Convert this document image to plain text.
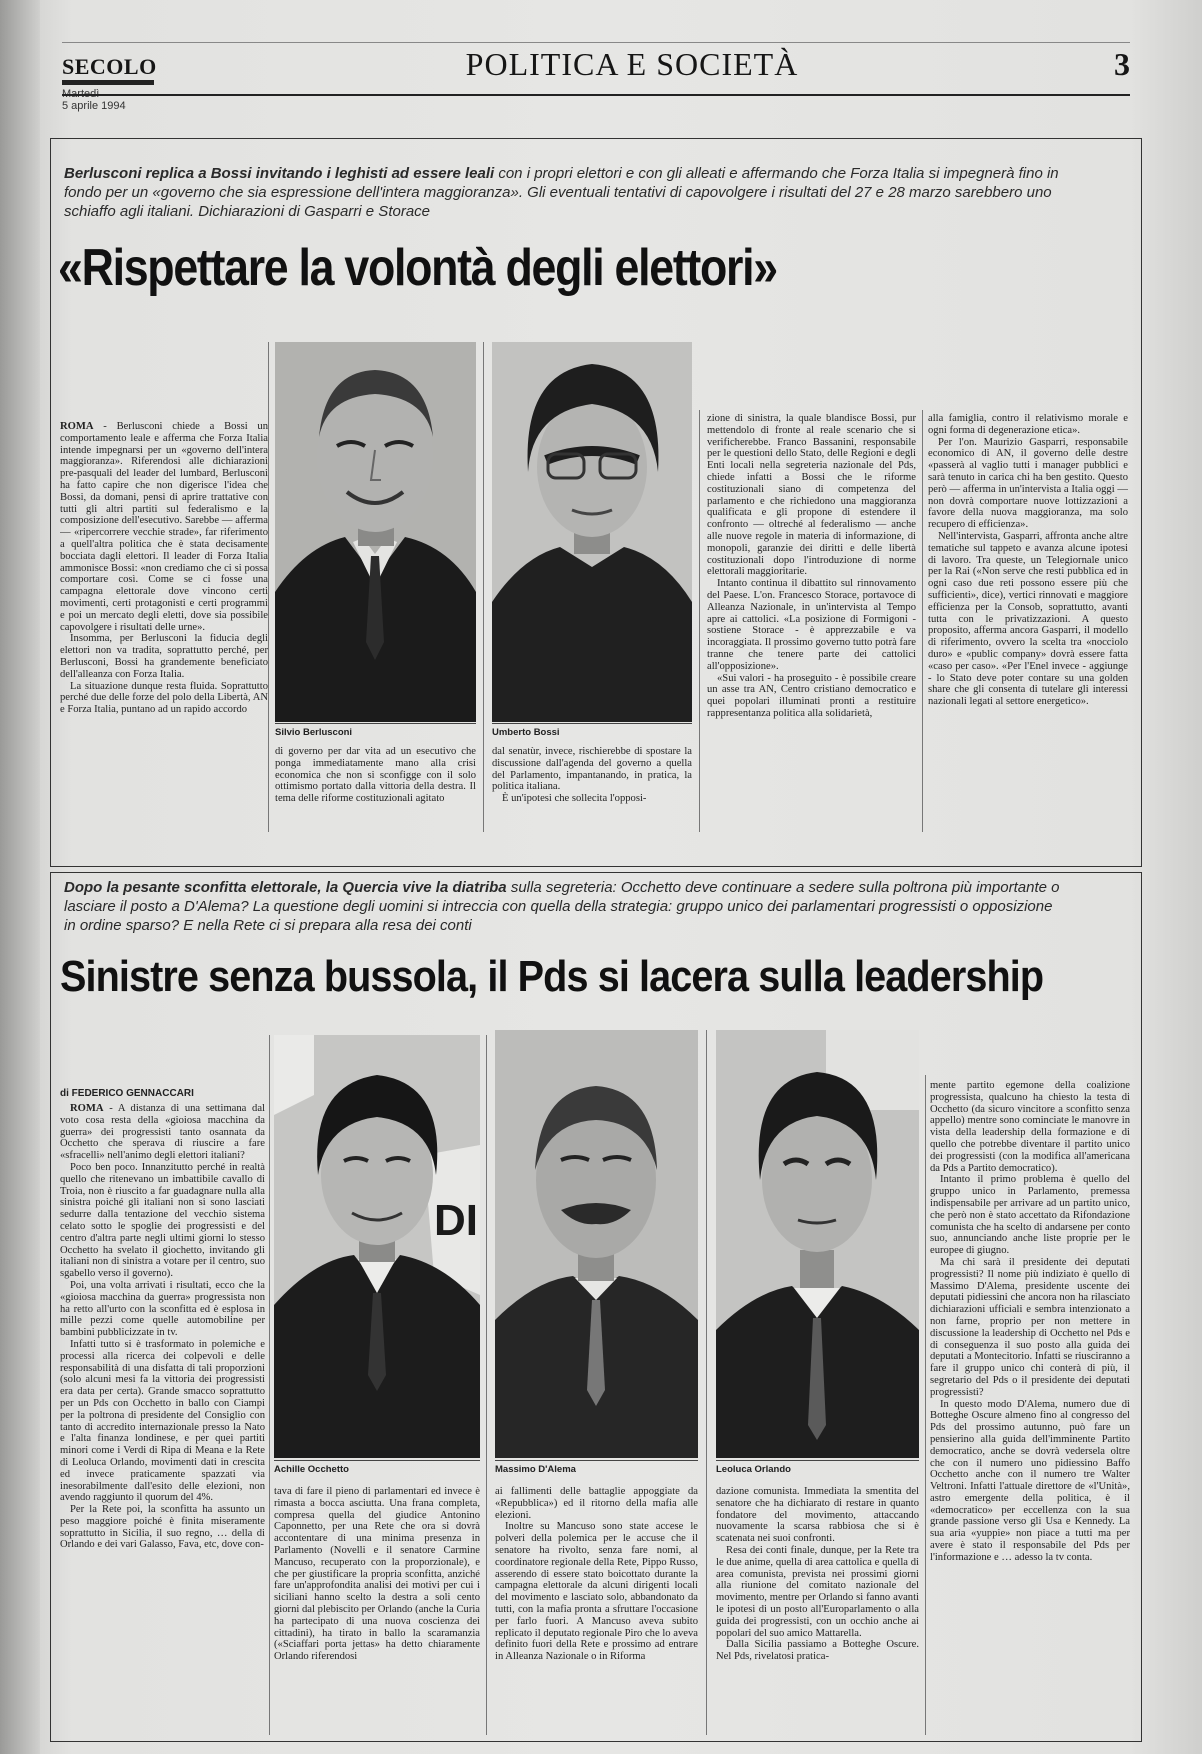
SECOLO
Martedì
5 aprile 1994
POLITICA E SOCIETÀ	3
Berlusconi replica a Bossi invitando i leghisti ad essere leali con i propri elettori e con gli alleati e affermando che Forza Italia si impegnerà fino in fondo per un «governo che sia espressione dell'intera maggioranza». Gli eventuali tentativi di capovolgere i risultati del 27 e 28 marzo sarebbero uno schiaffo agli italiani. Dichiarazioni di Gasparri e Storace
«Rispettare la volontà degli elettori»

ROMA - Berlusconi chiede a Bossi un comportamento leale e afferma che Forza Italia intende impegnarsi per un «governo dell'intera maggioranza». Riferendosi alle dichiarazioni pre-pasquali del leader del lumbard, Berlusconi ha fatto capire che non digerisce l'idea che Bossi, da domani, pensi di aprire trattative con tutti gli altri partiti sul federalismo e la composizione dell'esecutivo. Sarebbe — afferma — «ripercorrere vecchie strade», far riferimento a quell'altra politica che è stata decisamente bocciata dagli elettori. Il leader di Forza Italia ammonisce Bossi: «non crediamo che ci si possa comportare così. Come se ci fosse una campagna elettorale dove vincono certi movimenti, certi protagonisti e certi programmi e poi un mercato degli eletti, dove sia possibile capovolgere i risultati delle urne».

Insomma, per Berlusconi la fiducia degli elettori non va tradita, soprattutto perché, per Berlusconi, Bossi ha grandemente beneficiato dell'alleanza con Forza Italia.

La situazione dunque resta fluida. Soprattutto perché due delle forze del polo della Libertà, AN e Forza Italia, puntano ad un rapido accordo

Silvio Berlusconi

di governo per dar vita ad un esecutivo che ponga immediatamente mano alla crisi economica che non si sconfigge con il solo ottimismo portato dalla vittoria della destra. Il tema delle riforme costituzionali agitato

Umberto Bossi

dal senatùr, invece, rischierebbe di spostare la discussione dall'agenda del governo a quella del Parlamento, impantanando, in pratica, la politica italiana.

È un'ipotesi che sollecita l'opposi-

zione di sinistra, la quale blandisce Bossi, pur mettendolo di fronte al reale scenario che si verificherebbe. Franco Bassanini, responsabile per le questioni dello Stato, delle Regioni e degli Enti locali nella segreteria nazionale del Pds, chiede infatti a Bossi che le riforme costituzionali siano di competenza del parlamento e che richiedono una maggioranza qualificata e gli propone di estendere il confronto — oltreché al federalismo — anche alle nuove regole in materia di informazione, di monopoli, garanzie dei diritti e delle libertà costituzionali dopo l'introduzione di norme elettorali maggioritarie.

Intanto continua il dibattito sul rinnovamento del Paese. L'on. Francesco Storace, portavoce di Alleanza Nazionale, in un'intervista al Tempo apre ai cattolici. «La posizione di Formigoni - sostiene Storace - è apprezzabile e va incoraggiata. Il prossimo governo tutto potrà fare tranne che tenere parte dei cattolici all'opposizione».

«Sui valori - ha proseguito - è possibile creare un asse tra AN, Centro cristiano democratico e quei popolari illuminati pronti a restituire rappresentanza politica alla solidarietà,

alla famiglia, contro il relativismo morale e ogni forma di degenerazione etica».

Per l'on. Maurizio Gasparri, responsabile economico di AN, il governo delle destre «passerà al vaglio tutti i manager pubblici e sarà tenuto in carica chi ha ben gestito. Questo però — afferma in un'intervista a Italia oggi — non dovrà comportare nuove lottizzazioni a favore della nuova maggioranza, ma solo recupero di efficienza».

Nell'intervista, Gasparri, affronta anche altre tematiche sul tappeto e avanza alcune ipotesi di lavoro. Tra queste, un Telegiornale unico per la Rai («Non serve che resti pubblica ed in ogni caso due reti possono essere più che sufficienti», dice), vertici rinnovati e maggiore efficienza per la Consob, soprattutto, avanti tutta con le privatizzazioni. A questo proposito, afferma ancora Gasparri, il modello di riferimento, ovvero la scelta tra «nocciolo duro» e «public company» dovrà essere fatta «caso per caso». «Per l'Enel invece - aggiunge - lo Stato deve poter contare su una golden share che gli consenta di tutelare gli interessi nazionali legati al settore energetico».

Dopo la pesante sconfitta elettorale, la Quercia vive la diatriba sulla segreteria: Occhetto deve continuare a sedere sulla poltrona più importante o lasciare il posto a D'Alema? La questione degli uomini si intreccia con quella della strategia: gruppo unico dei parlamentari progressisti o opposizione in ordine sparso? E nella Rete ci si prepara alla resa dei conti
Sinistre senza bussola, il Pds si lacera sulla leadership
di FEDERICO GENNACCARI

ROMA - A distanza di una settimana dal voto cosa resta della «gioiosa macchina da guerra» dei progressisti tanto osannata da Occhetto che sperava di riuscire a fare «sfracelli» nell'animo degli elettori italiani?

Poco ben poco. Innanzitutto perché in realtà quello che ritenevano un imbattibile cavallo di Troia, non è riuscito a far guadagnare nulla alla sinistra poiché gli italiani non si sono lasciati sedurre dalla tentazione del vecchio sistema celato sotto le spoglie dei progressisti e del centro d'altra parte negli ultimi giorni lo stesso Occhetto ha svelato il giochetto, invitando gli italiani non di sinistra a votare per il centro, suo sgabello verso il governo).

Poi, una volta arrivati i risultati, ecco che la «gioiosa macchina da guerra» progressista non ha retto all'urto con la sconfitta ed è esplosa in mille pezzi come quelle automobiline per bambini pubblicizzate in tv.

Infatti tutto si è trasformato in polemiche e processi alla ricerca dei colpevoli e delle responsabilità di una disfatta di tali proporzioni (solo alcuni mesi fa la vittoria dei progressisti era data per certa). Grande smacco soprattutto per un Pds con Occhetto in ballo con Ciampi per la poltrona di presidente del Consiglio con tanto di accredito internazionale presso la Nato e l'alta finanza londinese, e per quei partiti minori come i Verdi di Ripa di Meana e la Rete di Leoluca Orlando, movimenti dati in crescita ed invece praticamente spazzati via inesorabilmente dall'esito delle elezioni, non avendo raggiunto il quorum del 4%.

Per la Rete poi, la sconfitta ha assunto un peso maggiore poiché è finita miseramente soprattutto in Sicilia, il suo regno, … della di Orlando e dei vari Galasso, Fava, etc, dove con-

DI
Achille Occhetto

tava di fare il pieno di parlamentari ed invece è rimasta a bocca asciutta. Una frana completa, compresa quella del giudice Antonino Caponnetto, per una Rete che ora si dovrà accontentare di una minima presenza in Parlamento (Novelli e il senatore Carmine Mancuso, recuperato con la proporzionale), e che per giustificare la propria sconfitta, anziché fare un'approfondita analisi dei motivi per cui i siciliani hanno scelto la destra a soli cento giorni dal plebiscito per Orlando (anche la Curia ha partecipato di una nuova coscienza dei cittadini), ha tirato in ballo la scaramanzia («Sciaffari porta jettas» ha detto chiaramente Orlando riferendosi

Massimo D'Alema

ai fallimenti delle battaglie appoggiate da «Repubblica») ed il ritorno della mafia alle elezioni.

Inoltre su Mancuso sono state accese le polveri della polemica per le accuse che il senatore ha rivolto, senza fare nomi, al coordinatore regionale della Rete, Pippo Russo, asserendo di essere stato boicottato durante la campagna elettorale da alcuni dirigenti locali del movimento e lasciato solo, abbandonato da tutti, con la mafia pronta a sfruttare l'occasione per farlo fuori. A Mancuso aveva subito replicato il deputato regionale Piro che lo aveva definito fuori della Rete e prossimo ad entrare in Alleanza Nazionale o in Riforma

Leoluca Orlando

dazione comunista. Immediata la smentita del senatore che ha dichiarato di restare in quanto fondatore del movimento, attaccando nuovamente la scarsa rabbiosa che si è scatenata nei suoi confronti.

Resa dei conti finale, dunque, per la Rete tra le due anime, quella di area cattolica e quella di area comunista, prevista nei prossimi giorni alla riunione del comitato nazionale del movimento, mentre per Orlando si fanno avanti le ipotesi di un posto all'Europarlamento o alla guida dei progressisti, con un occhio anche ai popolari del suo amico Mattarella.

Dalla Sicilia passiamo a Botteghe Oscure. Nel Pds, rivelatosi pratica-

mente partito egemone della coalizione progressista, qualcuno ha chiesto la testa di Occhetto (da sicuro vincitore a sconfitto senza appello) mentre sono cominciate le manovre in vista della leadership della formazione e di quello che potrebbe diventare il partito unico dei progressisti (con la modifica all'americana da Pds a Partito democratico).

Intanto il primo problema è quello del gruppo unico in Parlamento, premessa indispensabile per arrivare ad un partito unico, che però non è stato accettato da Rifondazione comunista che ha scelto di andarsene per conto suo, annunciando anche liste proprie per le europee di giugno.

Ma chi sarà il presidente dei deputati progressisti? Il nome più indiziato è quello di Massimo D'Alema, presidente uscente dei deputati pidiessini che ancora non ha rilasciato dichiarazioni ufficiali e sembra intenzionato a non farne, proprio per non mettere in discussione la leadership di Occhetto nel Pds e di conseguenza il suo posto alla guida dei deputati a Montecitorio. Infatti se riusciranno a fare il gruppo unico chi conterà di più, il segretario del Pds o il presidente dei deputati progressisti?

In questo modo D'Alema, numero due di Botteghe Oscure almeno fino al congresso del Pds del prossimo autunno, può fare un pensierino alla guida dell'imminente Partito democratico, anche se dovrà vedersela oltre che con il numero uno pidiessino Baffo Occhetto anche con il numero tre Walter Veltroni. Infatti l'attuale direttore de «l'Unità», astro emergente della politica, è il «democratico» per eccellenza con la sua grande passione verso gli Usa e Kennedy. La sua aria «yuppie» non piace a tutti ma per avere è stato il responsabile del Pds per l'informazione e … adesso la tv conta.
